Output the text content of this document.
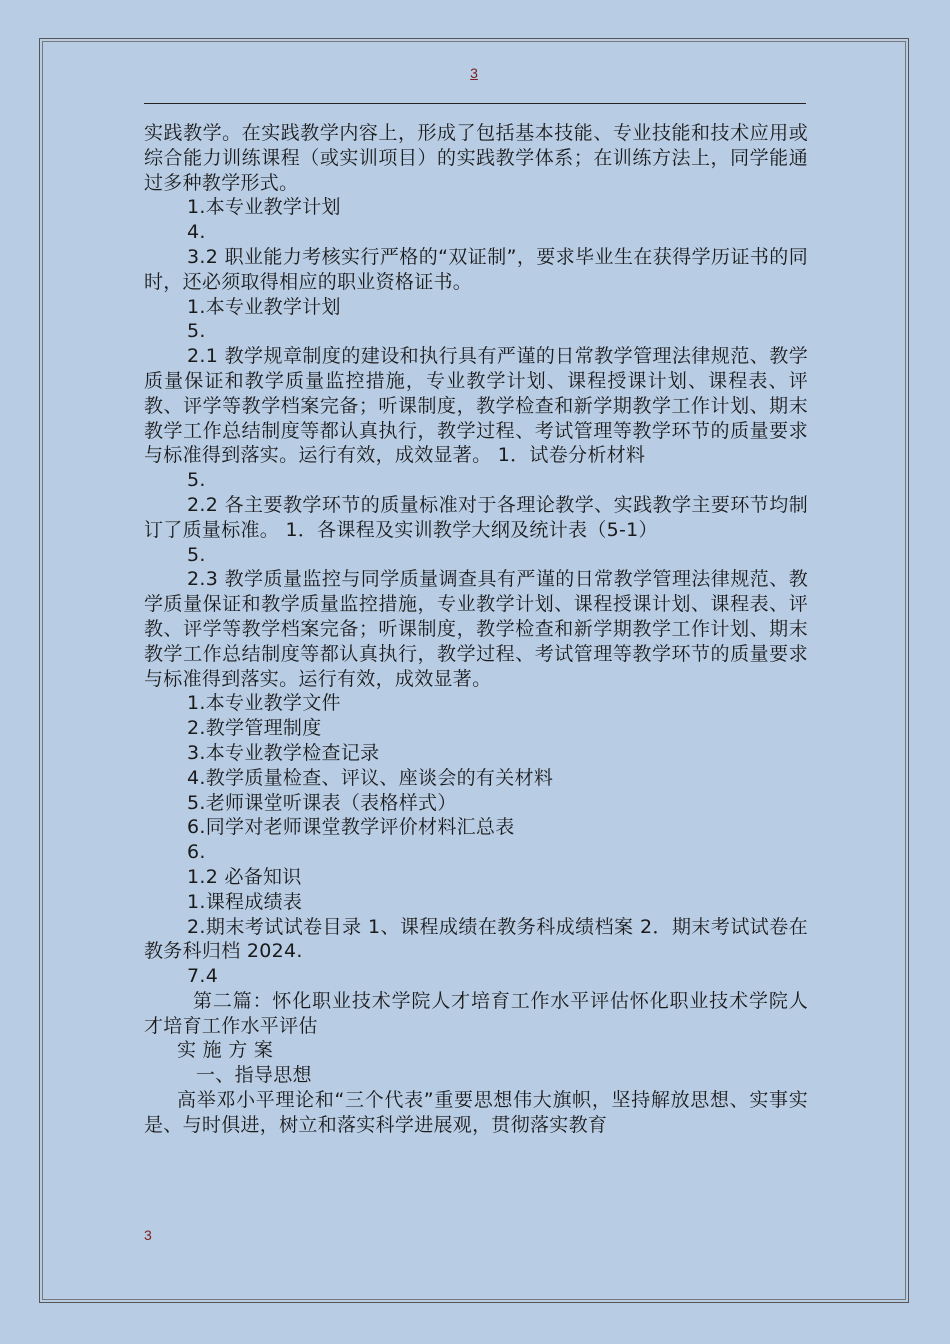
3

实践教学。在实践教学内容上，形成了包括基本技能、专业技能和技术应用或综合能力训练课程（或实训项目）的实践教学体系；在训练方法上，同学能通过多种教学形式。

1.本专业教学计划

4.

3.2 职业能力考核实行严格的“双证制”，要求毕业生在获得学历证书的同时，还必须取得相应的职业资格证书。

1.本专业教学计划

5.

2.1 教学规章制度的建设和执行具有严谨的日常教学管理法律规范、教学质量保证和教学质量监控措施，专业教学计划、课程授课计划、课程表、评教、评学等教学档案完备；听课制度，教学检查和新学期教学工作计划、期末教学工作总结制度等都认真执行，教学过程、考试管理等教学环节的质量要求与标准得到落实。运行有效，成效显著。 1．试卷分析材料

5.

2.2 各主要教学环节的质量标准对于各理论教学、实践教学主要环节均制订了质量标准。 1．各课程及实训教学大纲及统计表（5-1）

5.

2.3 教学质量监控与同学质量调查具有严谨的日常教学管理法律规范、教学质量保证和教学质量监控措施，专业教学计划、课程授课计划、课程表、评教、评学等教学档案完备；听课制度，教学检查和新学期教学工作计划、期末教学工作总结制度等都认真执行，教学过程、考试管理等教学环节的质量要求与标准得到落实。运行有效，成效显著。

1.本专业教学文件

2.教学管理制度

3.本专业教学检查记录

4.教学质量检查、评议、座谈会的有关材料

5.老师课堂听课表（表格样式）

6.同学对老师课堂教学评价材料汇总表

6.

1.2 必备知识

1.课程成绩表

2.期末考试试卷目录 1、课程成绩在教务科成绩档案 2．期末考试试卷在教务科归档 2024.

7.4

第二篇：怀化职业技术学院人才培育工作水平评估怀化职业技术学院人才培育工作水平评估

实 施 方 案

一、指导思想

高举邓小平理论和“三个代表”重要思想伟大旗帜，坚持解放思想、实事实是、与时俱进，树立和落实科学进展观，贯彻落实教育

3
